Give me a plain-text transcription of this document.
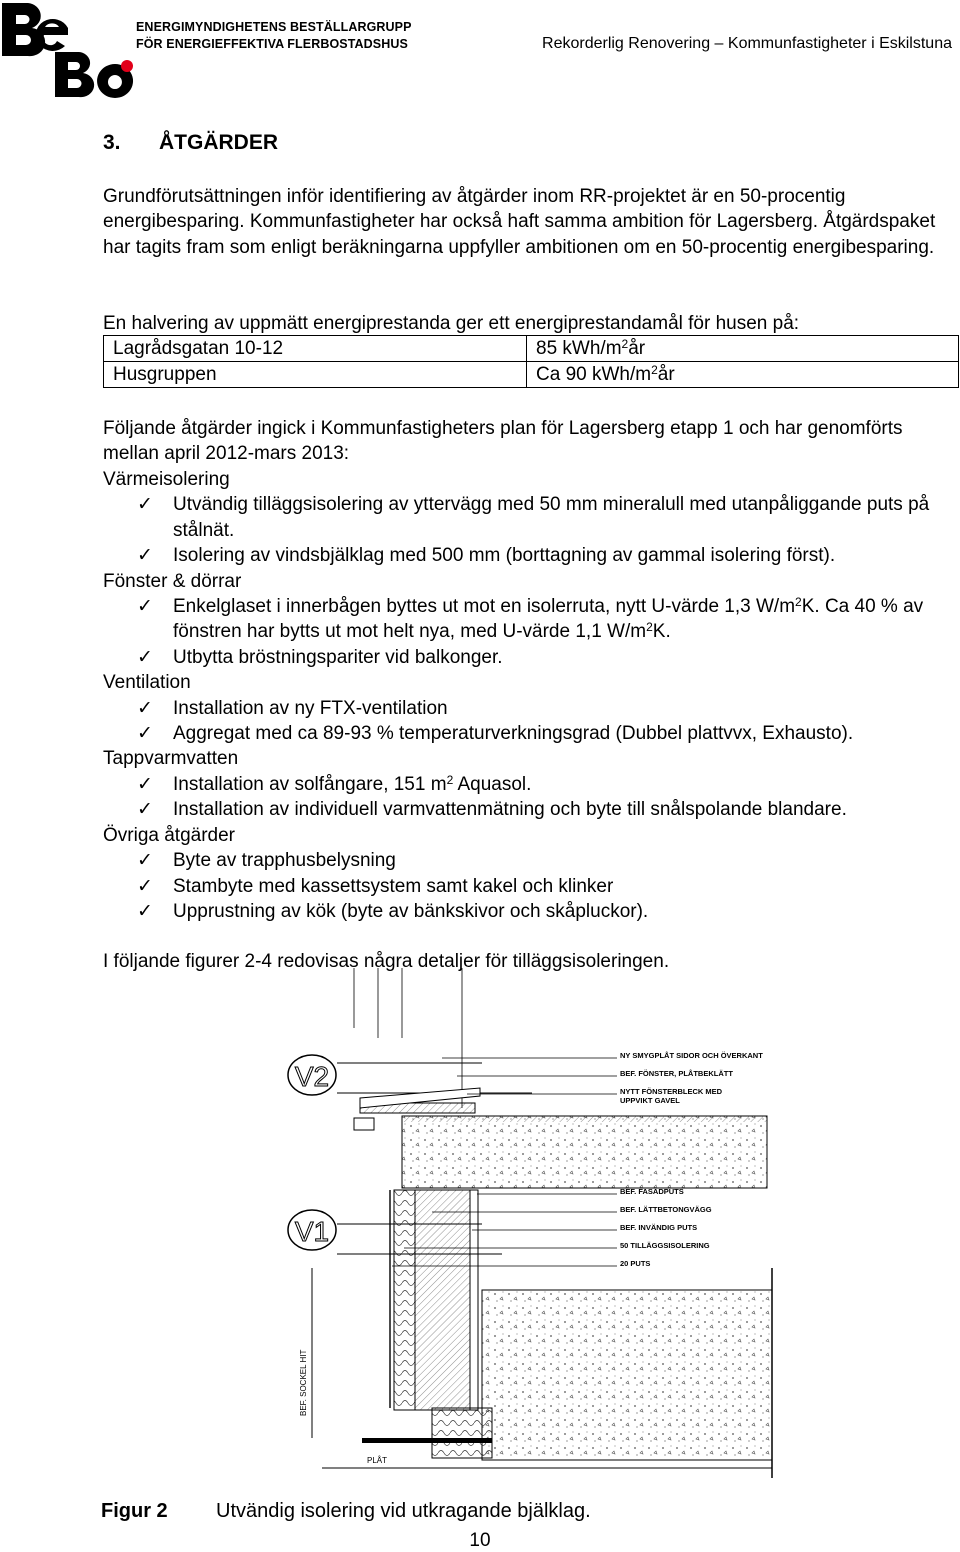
ENERGIMYNDIGHETENS BESTÄLLARGRUPP
FÖR ENERGIEFFEKTIVA FLERBOSTADSHUS	Rekorderlig Renovering – Kommunfastigheter i Eskilstuna
3. ÅTGÄRDER
Grundförutsättningen inför identifiering av åtgärder inom RR-projektet är en 50-procentig energibesparing. Kommunfastigheter har också haft samma ambition för Lagersberg. Åtgärdspaket har tagits fram som enligt beräkningarna uppfyller ambitionen om en 50-procentig energibesparing.
En halvering av uppmätt energiprestanda ger ett energiprestandamål för husen på:
Lagrådsgatan 10-12	85 kWh/$m^2år$
Husgruppen	Ca 90 kWh/$m^2år$
Följande åtgärder ingick i Kommunfastigheters plan för Lagersberg etapp 1 och har genomförts mellan april 2012-mars 2013:
Värmeisolering
✓ Utvändig tilläggsisolering av yttervägg med 50 mm mineralull med utanpåliggande puts på stålnät.
✓ Isolering av vindsbjälklag med 500 mm (borttagning av gammal isolering först).
Fönster & dörrar
✓ Enkelglaset i innerbågen byttes ut mot en isolerruta, nytt U-värde 1,3 $W/m^2K$. Ca 40 % av fönstren har bytts ut mot helt nya, med U-värde 1,1 $W/m^2K$.
✓ Utbytta bröstningspariter vid balkonger.
Ventilation
✓ Installation av ny FTX-ventilation
✓ Aggregat med ca 89-93 % temperaturverkningsgrad (Dubbel plattvvx, Exhausto).
Tappvarmvatten
✓ Installation av solfångare, 151 $m^2$ Aquasol.
✓ Installation av individuell varmvattenmätning och byte till snålspolande blandare.
Övriga åtgärder
✓ Byte av trapphusbelysning
✓ Stambyte med kassettsystem samt kakel och klinker
✓ Upprustning av kök (byte av bänkskivor och skåpluckor).
I följande figurer 2-4 redovisas några detaljer för tilläggsisoleringen.
V2
V1
BEF. SOCKEL HIT
PLÅT
NY SMYGPLÅT SIDOR OCH ÖVERKANT
BEF. FÖNSTER, PLÅTBEKLÄTT
NYTT FÖNSTERBLECK MED
UPPVIKT GAVEL
BEF. FASADPUTS
BEF. LÄTTBETONGVÄGG
BEF. INVÄNDIG PUTS
50 TILLÄGGSISOLERING
20 PUTS
Figur 2 Utvändig isolering vid utkragande bjälklag.
10
